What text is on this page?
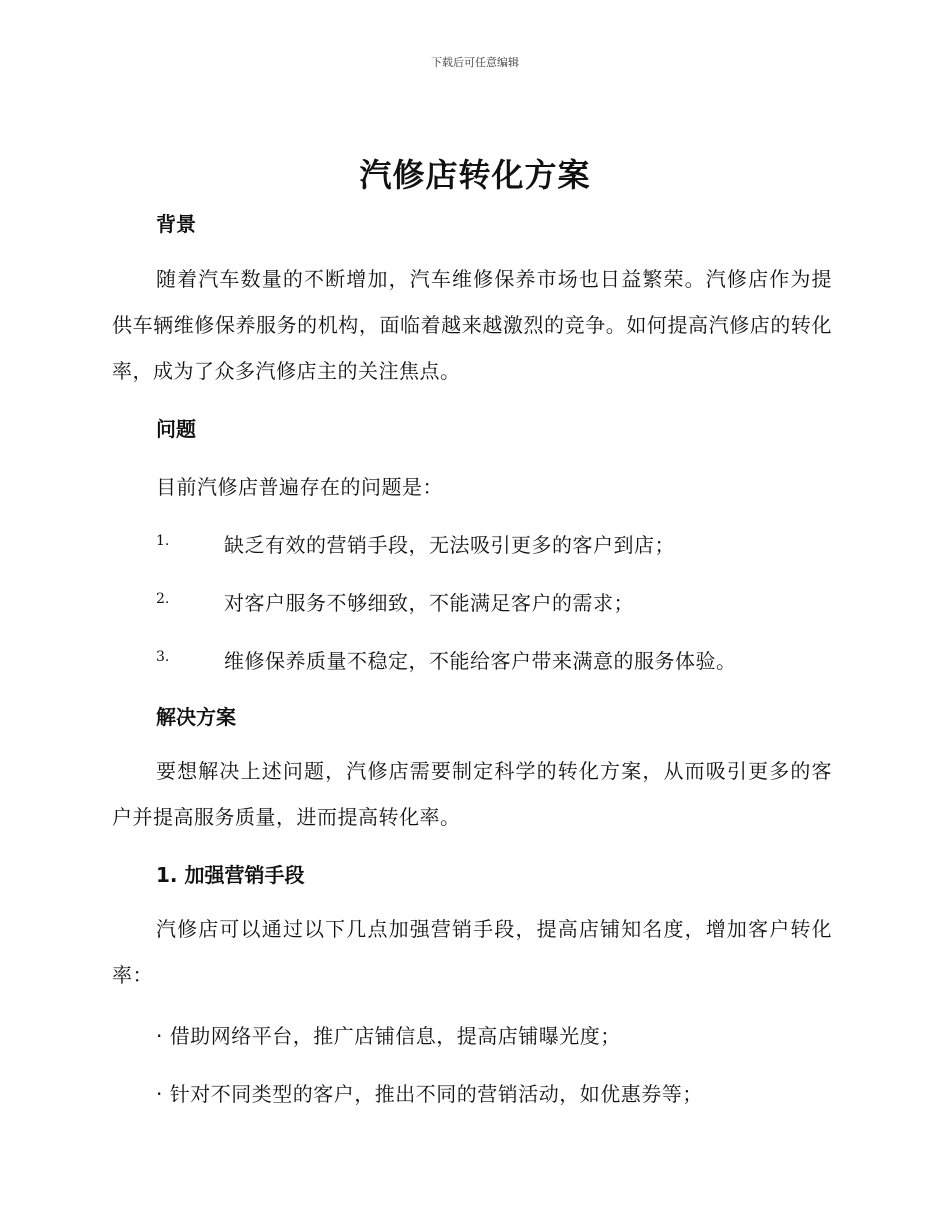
下载后可任意编辑
汽修店转化方案
背景
随着汽车数量的不断增加，汽车维修保养市场也日益繁荣。汽修店作为提供车辆维修保养服务的机构，面临着越来越激烈的竞争。如何提高汽修店的转化率，成为了众多汽修店主的关注焦点。
问题
目前汽修店普遍存在的问题是：
1.	缺乏有效的营销手段，无法吸引更多的客户到店；
2.	对客户服务不够细致，不能满足客户的需求；
3.	维修保养质量不稳定，不能给客户带来满意的服务体验。
解决方案
要想解决上述问题，汽修店需要制定科学的转化方案，从而吸引更多的客户并提高服务质量，进而提高转化率。
1. 加强营销手段
汽修店可以通过以下几点加强营销手段，提高店铺知名度，增加客户转化率：
· 借助网络平台，推广店铺信息，提高店铺曝光度；
· 针对不同类型的客户，推出不同的营销活动，如优惠券等；
